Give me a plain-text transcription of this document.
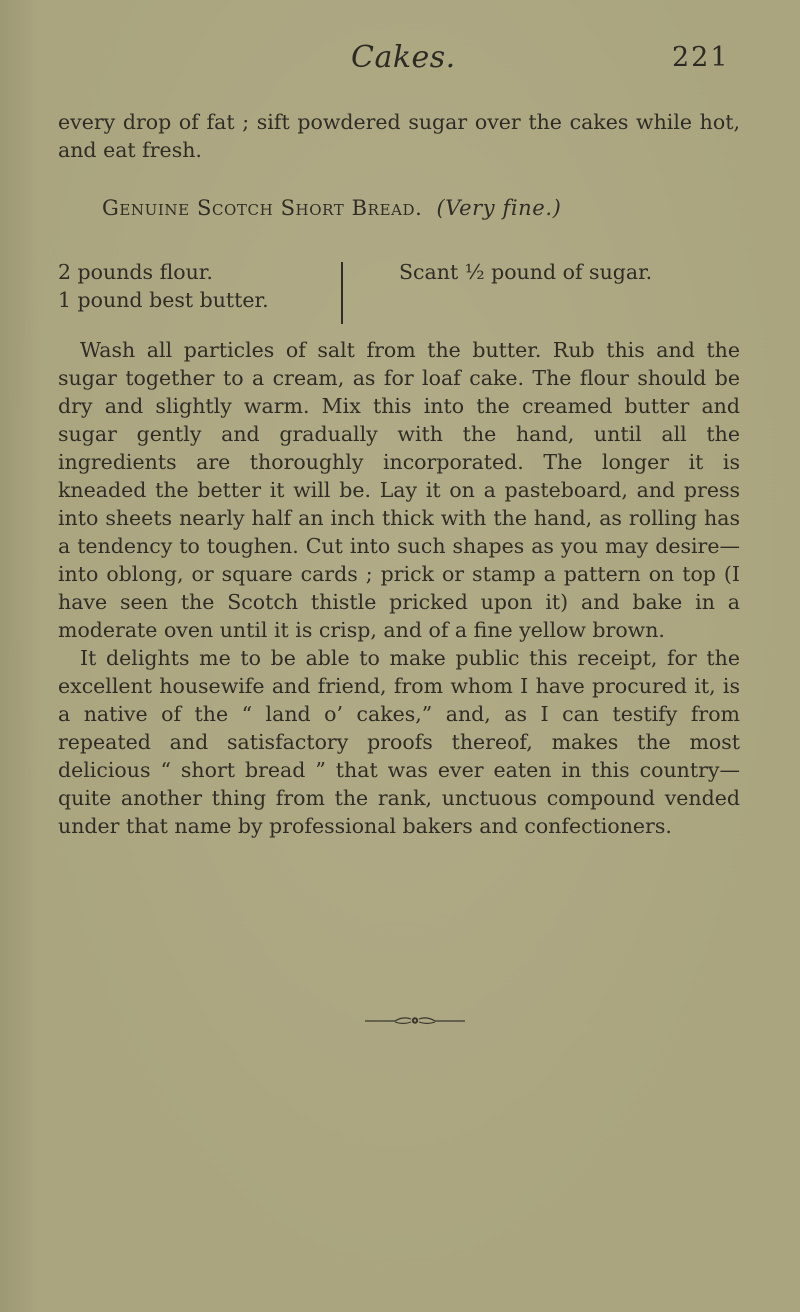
Cakes.	221
every drop of fat ; sift powdered sugar over the cakes while hot, and eat fresh.
Genuine Scotch Short Bread. (Very fine.)
2 pounds flour.
1 pound best butter.
Scant ½ pound of sugar.

Wash all particles of salt from the butter. Rub this and the sugar together to a cream, as for loaf cake. The flour should be dry and slightly warm. Mix this into the creamed butter and sugar gently and gradually with the hand, until all the ingredients are thoroughly incorporated. The longer it is kneaded the better it will be. Lay it on a pasteboard, and press into sheets nearly half an inch thick with the hand, as rolling has a tendency to toughen. Cut into such shapes as you may desire—into oblong, or square cards ; prick or stamp a pattern on top (I have seen the Scotch thistle pricked upon it) and bake in a moderate oven until it is crisp, and of a fine yellow brown.

It delights me to be able to make public this receipt, for the excellent housewife and friend, from whom I have procured it, is a native of the “ land o’ cakes,” and, as I can testify from repeated and satisfactory proofs thereof, makes the most delicious “ short bread ” that was ever eaten in this country—quite another thing from the rank, unctuous compound vended under that name by professional bakers and confectioners.
